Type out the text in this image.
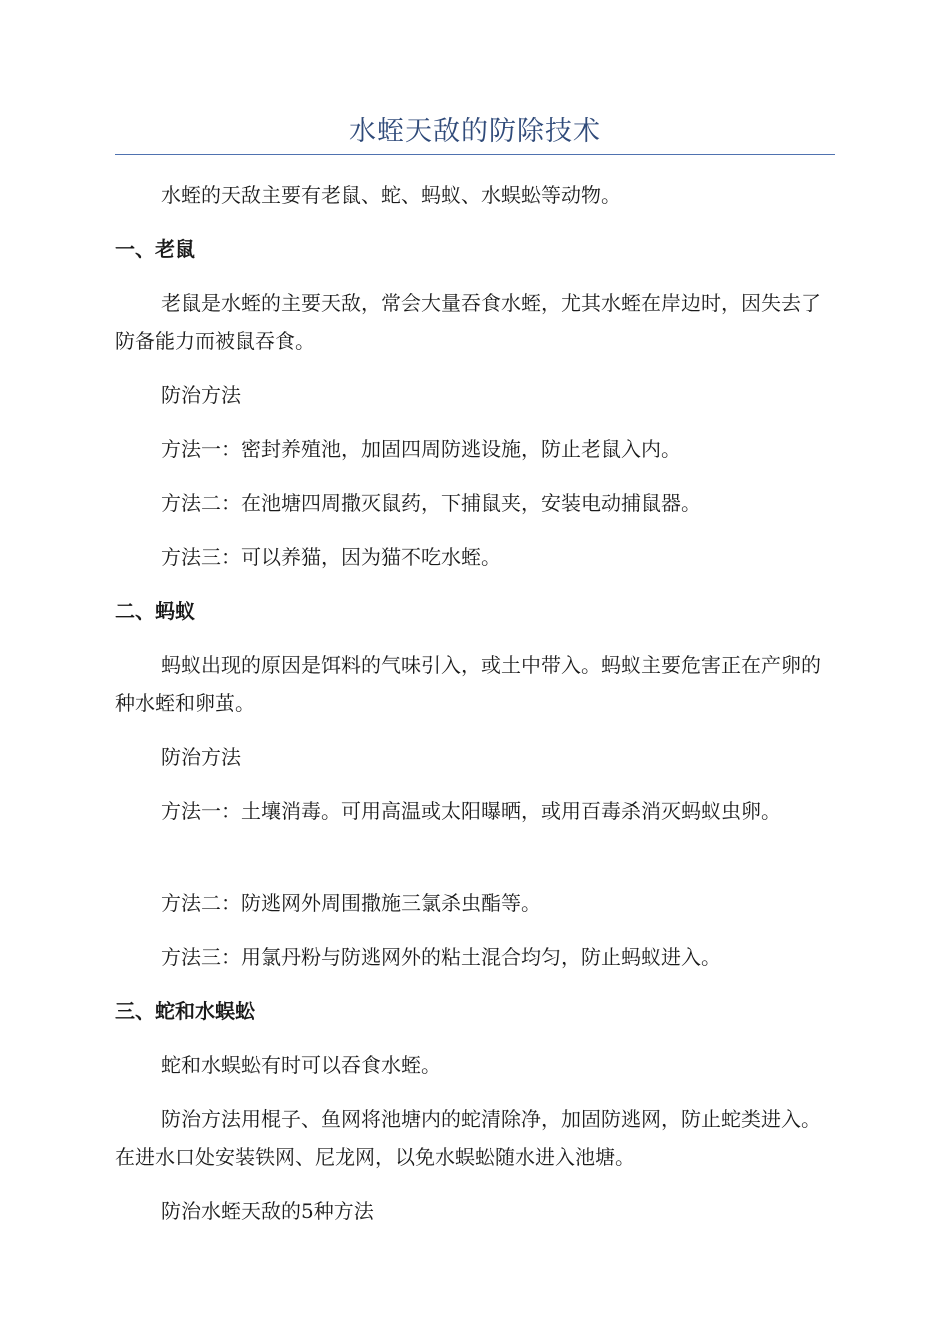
水蛭天敌的防除技术

水蛭的天敌主要有老鼠、蛇、蚂蚁、水蜈蚣等动物。

一、老鼠

老鼠是水蛭的主要天敌，常会大量吞食水蛭，尤其水蛭在岸边时，因失去了防备能力而被鼠吞食。

防治方法

方法一：密封养殖池，加固四周防逃设施，防止老鼠入内。

方法二：在池塘四周撒灭鼠药，下捕鼠夹，安装电动捕鼠器。

方法三：可以养猫，因为猫不吃水蛭。

二、蚂蚁

蚂蚁出现的原因是饵料的气味引入，或土中带入。蚂蚁主要危害正在产卵的种水蛭和卵茧。

防治方法

方法一：土壤消毒。可用高温或太阳曝晒，或用百毒杀消灭蚂蚁虫卵。

方法二：防逃网外周围撒施三氯杀虫酯等。

方法三：用氯丹粉与防逃网外的粘土混合均匀，防止蚂蚁进入。

三、蛇和水蜈蚣

蛇和水蜈蚣有时可以吞食水蛭。

防治方法用棍子、鱼网将池塘内的蛇清除净，加固防逃网，防止蛇类进入。在进水口处安装铁网、尼龙网，以免水蜈蚣随水进入池塘。

防治水蛭天敌的5种方法
